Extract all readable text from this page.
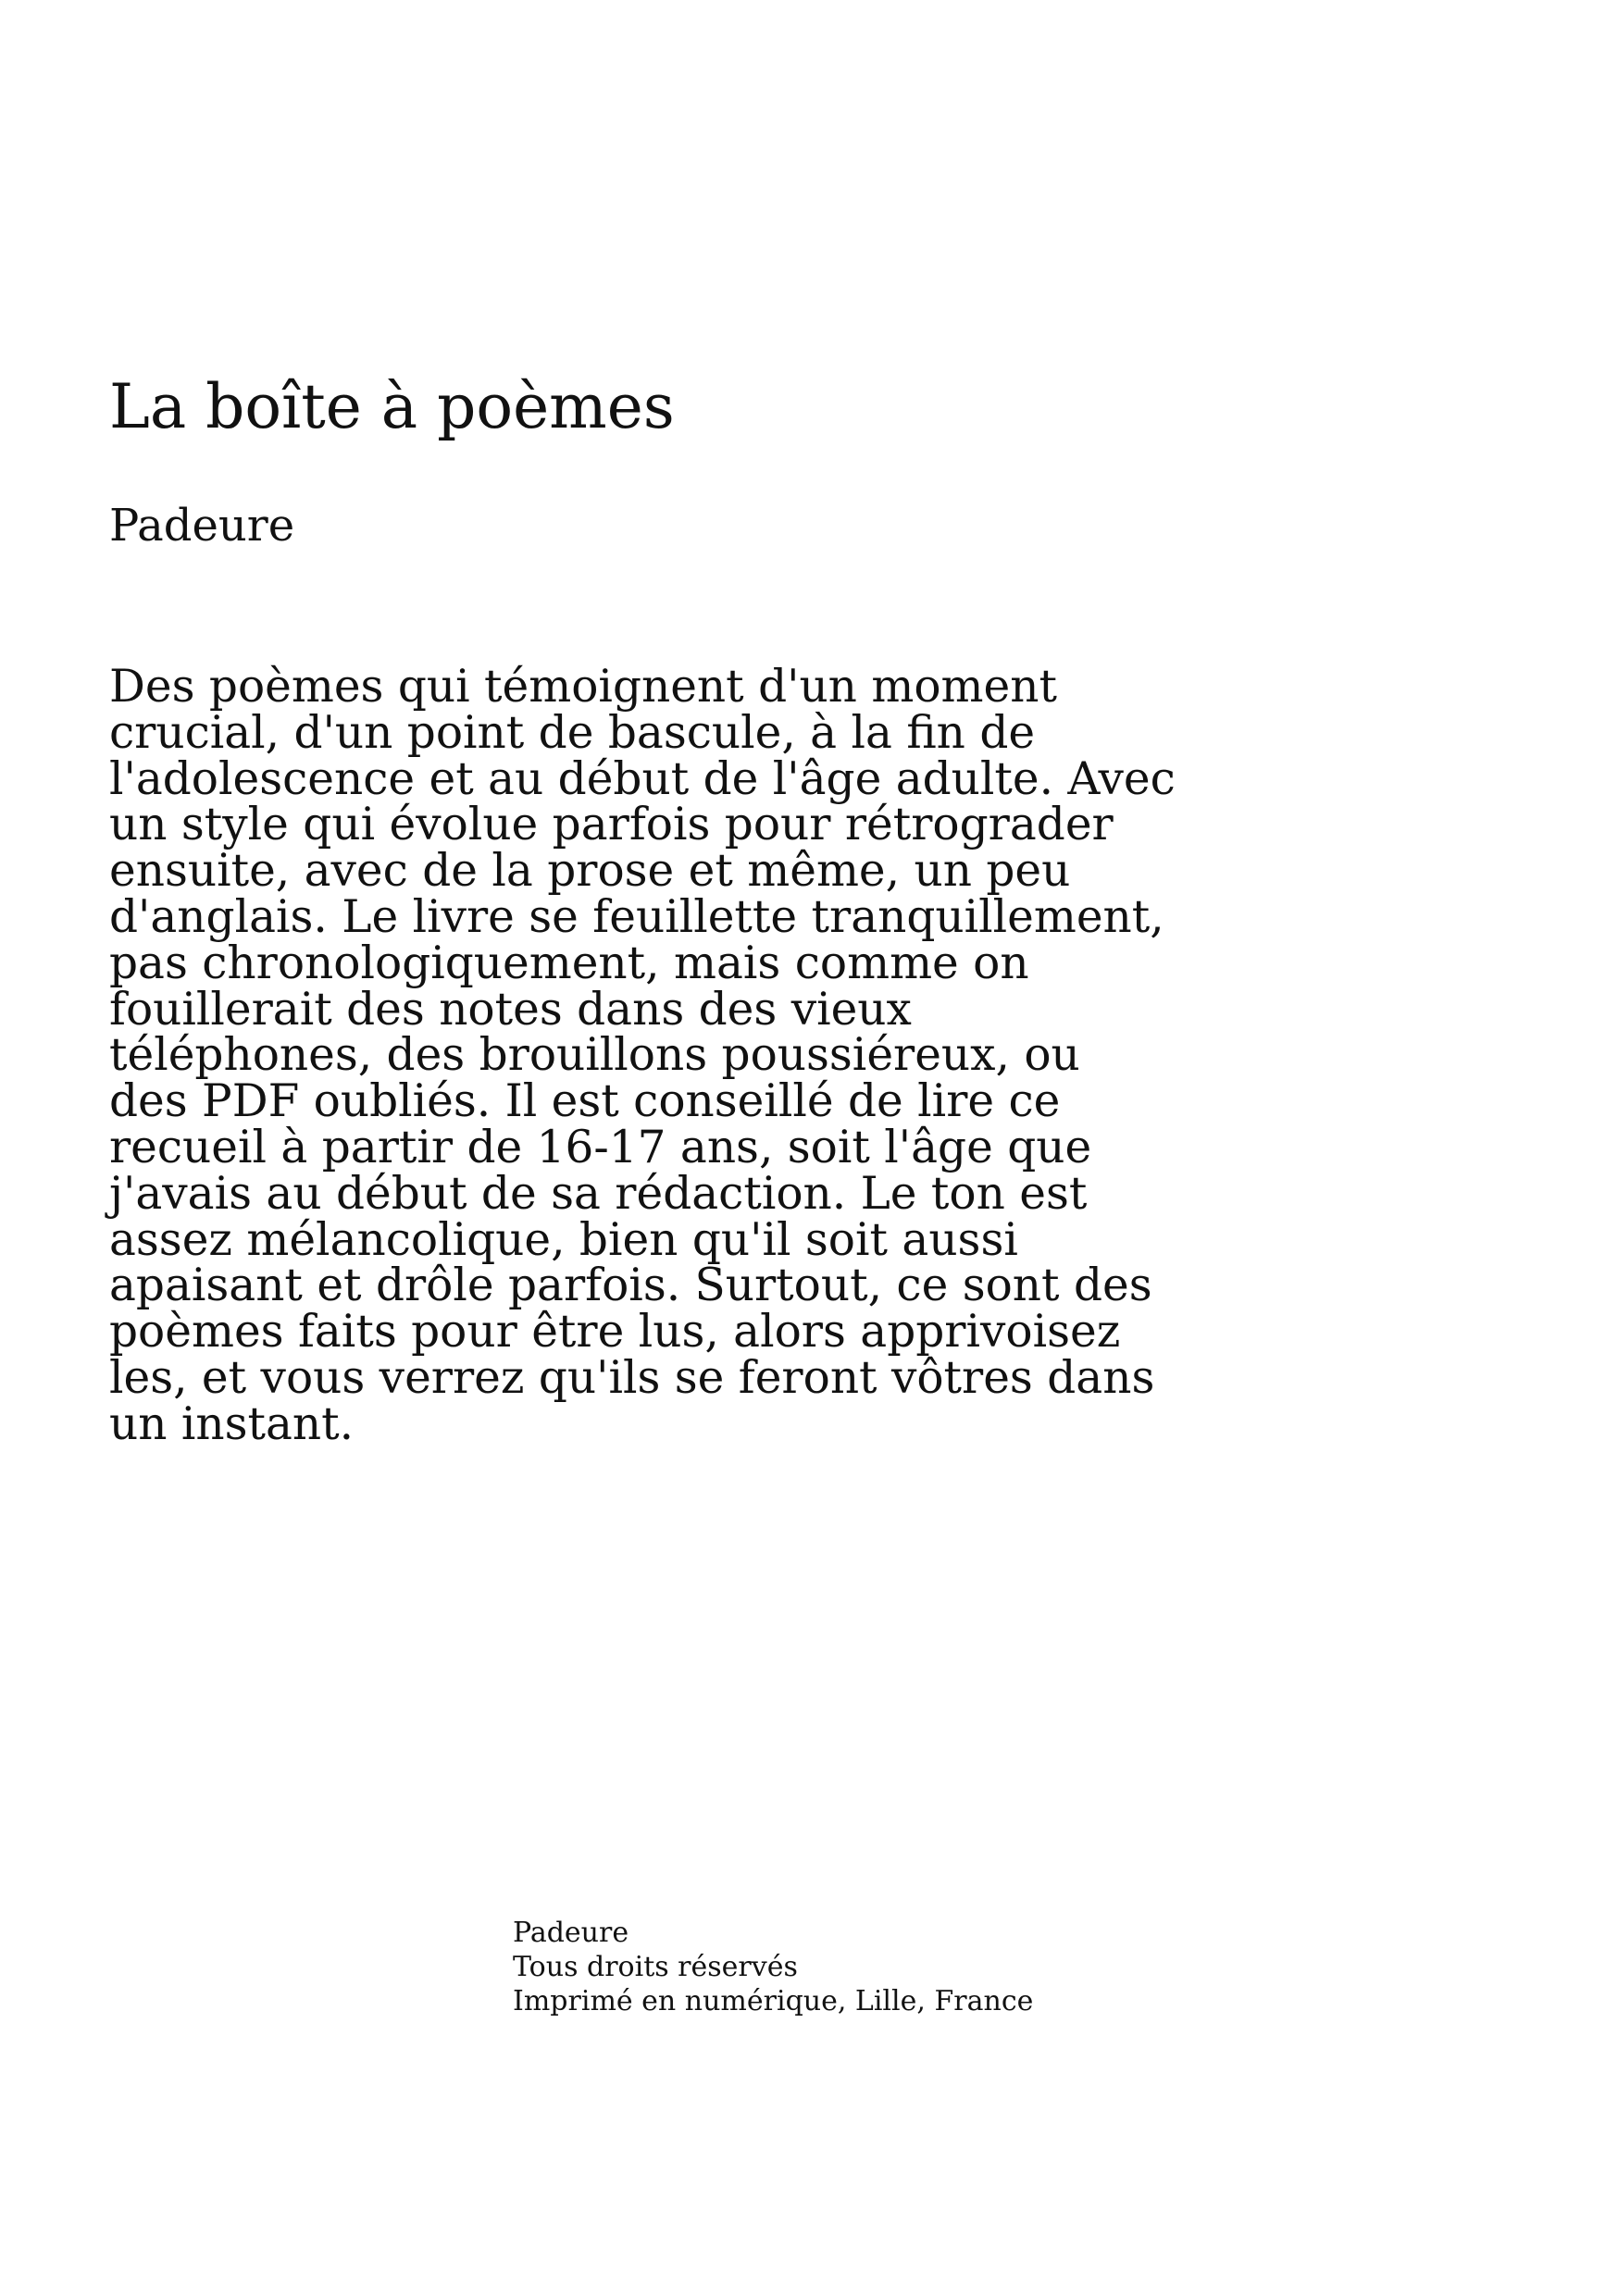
La boîte à poèmes

Padeure

Des poèmes qui témoignent d'un moment
crucial, d'un point de bascule, à la fin de
l'adolescence et au début de l'âge adulte. Avec
un style qui évolue parfois pour rétrograder
ensuite, avec de la prose et même, un peu
d'anglais. Le livre se feuillette tranquillement,
pas chronologiquement, mais comme on
fouillerait des notes dans des vieux
téléphones, des brouillons poussiéreux, ou
des PDF oubliés. Il est conseillé de lire ce
recueil à partir de 16-17 ans, soit l'âge que
j'avais au début de sa rédaction. Le ton est
assez mélancolique, bien qu'il soit aussi
apaisant et drôle parfois. Surtout, ce sont des
poèmes faits pour être lus, alors apprivoisez
les, et vous verrez qu'ils se feront vôtres dans
un instant.
Padeure
Tous droits réservés
Imprimé en numérique, Lille, France
